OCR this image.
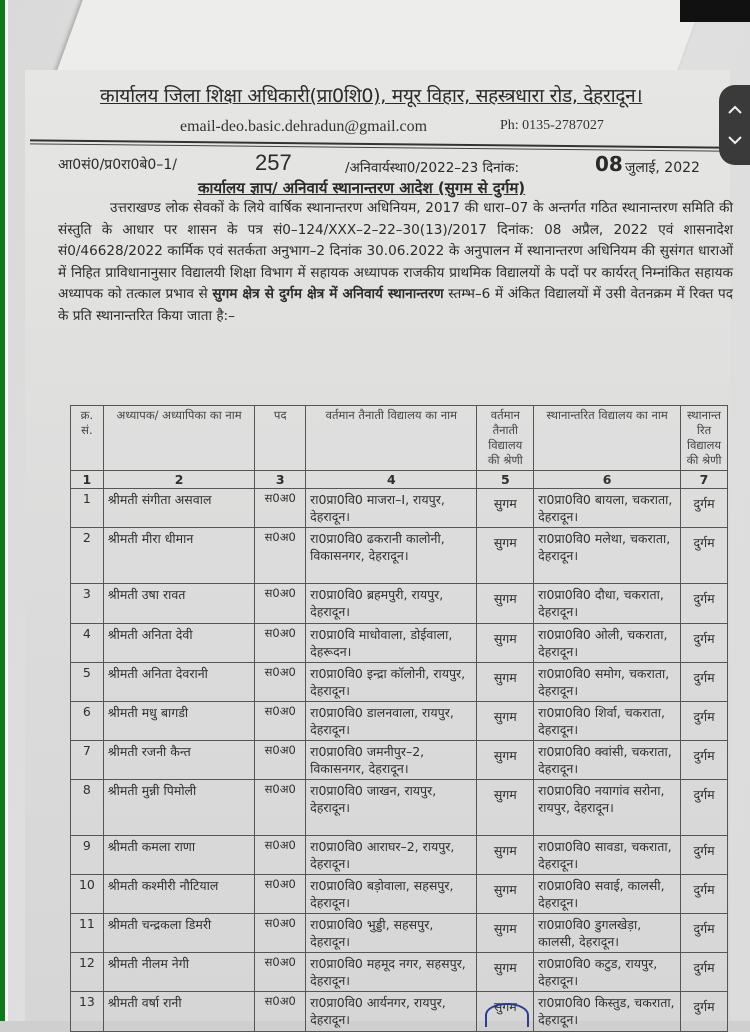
कार्यालय जिला शिक्षा अधिकारी(प्रा0शि0), मयूर विहार, सहस्त्रधारा रोड, देहरादून।
email-deo.basic.dehradun@gmail.com	Ph: 0135-2787027
आ0सं0/प्र0रा0बे0–1/	257	/अनिवार्यस्था0/2022–23 दिनांक:	08 जुलाई, 2022
कार्यालय ज्ञाप/ अनिवार्य स्थानान्तरण आदेश (सुगम से दुर्गम)
उत्तराखण्ड लोक सेवकों के लिये वार्षिक स्थानान्तरण अधिनियम, 2017 की धारा–07 के अन्तर्गत गठित स्थानान्तरण समिति की संस्तुति के आधार पर शासन के पत्र सं0–124/XXX–2–22–30(13)/2017 दिनांक: 08 अप्रैल, 2022 एवं शासनादेश सं0/46628/2022 कार्मिक एवं सतर्कता अनुभाग–2 दिनांक 30.06.2022 के अनुपालन में स्थानान्तरण अधिनियम की सुसंगत धाराओं में निहित प्राविधानानुसार विद्यालयी शिक्षा विभाग में सहायक अध्यापक राजकीय प्राथमिक विद्यालयों के पदों पर कार्यरत् निम्नांकित सहायक अध्यापक को तत्काल प्रभाव से सुगम क्षेत्र से दुर्गम क्षेत्र में अनिवार्य स्थानान्तरण स्तम्भ–6 में अंकित विद्यालयों में उसी वेतनक्रम में रिक्त पद के प्रति स्थानान्तरित किया जाता है:–
क्र. सं.	अध्यापक/ अध्यापिका का नाम	पद	वर्तमान तैनाती विद्यालय का नाम	वर्तमान तैनाती विद्यालय की श्रेणी	स्थानान्तरित विद्यालय का नाम	स्थानान्त रित विद्यालय की श्रेणी
1	2	3	4	5	6	7
1	श्रीमती संगीता असवाल	स0अ0	रा0प्रा0वि0 माजरा–I, रायपुर, देहरादून।	सुगम	रा0प्रा0वि0 बायला, चकराता, देहरादून।	दुर्गम
2	श्रीमती मीरा धीमान	स0अ0	रा0प्रा0वि0 ढकरानी कालोनी, विकासनगर, देहरादून।	सुगम	रा0प्रा0वि0 मलेथा, चकराता, देहरादून।	दुर्गम
3	श्रीमती उषा रावत	स0अ0	रा0प्रा0वि0 ब्रहमपुरी, रायपुर, देहरादून।	सुगम	रा0प्रा0वि0 दौधा, चकराता, देहरादून।	दुर्गम
4	श्रीमती अनिता देवी	स0अ0	रा0प्रा0वि माधोवाला, डोईवाला, देहरूदन।	सुगम	रा0प्रा0वि0 ओली, चकराता, देहरादून।	दुर्गम
5	श्रीमती अनिता देवरानी	स0अ0	रा0प्रा0वि0 इन्द्रा कॉलोनी, रायपुर, देहरादून।	सुगम	रा0प्रा0वि0 समोग, चकराता, देहरादून।	दुर्गम
6	श्रीमती मधु बागडी	स0अ0	रा0प्रा0वि0 डालनवाला, रायपुर, देहरादून।	सुगम	रा0प्रा0वि0 शिर्वा, चकराता, देहरादून।	दुर्गम
7	श्रीमती रजनी कैन्त	स0अ0	रा0प्रा0वि0 जमनीपुर–2, विकासनगर, देहरादून।	सुगम	रा0प्रा0वि0 क्वांसी, चकराता, देहरादून।	दुर्गम
8	श्रीमती मुन्नी पिमोली	स0अ0	रा0प्रा0वि0 जाखन, रायपुर, देहरादून।	सुगम	रा0प्रा0वि0 नयागांव सरोना, रायपुर, देहरादून।	दुर्गम
9	श्रीमती कमला राणा	स0अ0	रा0प्रा0वि0 आराघर–2, रायपुर, देहरादून।	सुगम	रा0प्रा0वि0 सावडा, चकराता, देहरादून।	दुर्गम
10	श्रीमती कश्मीरी नौटियाल	स0अ0	रा0प्रा0वि0 बड़ोवाला, सहसपुर, देहरादून।	सुगम	रा0प्रा0वि0 सवाई, कालसी, देहरादून।	दुर्गम
11	श्रीमती चन्द्रकला डिमरी	स0अ0	रा0प्रा0वि0 भुड्डी, सहसपुर, देहरादून।	सुगम	रा0प्रा0वि0 डुगलखेड़ा, कालसी, देहरादून।	दुर्गम
12	श्रीमती नीलम नेगी	स0अ0	रा0प्रा0वि0 महमूद नगर, सहसपुर, देहरादून।	सुगम	रा0प्रा0वि0 कटुड, रायपुर, देहरादून।	दुर्गम
13	श्रीमती वर्षा रानी	स0अ0	रा0प्रा0वि0 आर्यनगर, रायपुर, देहरादून।	सुगम	रा0प्रा0वि0 किस्तुड, चकराता, देहरादून।	दुर्गम
